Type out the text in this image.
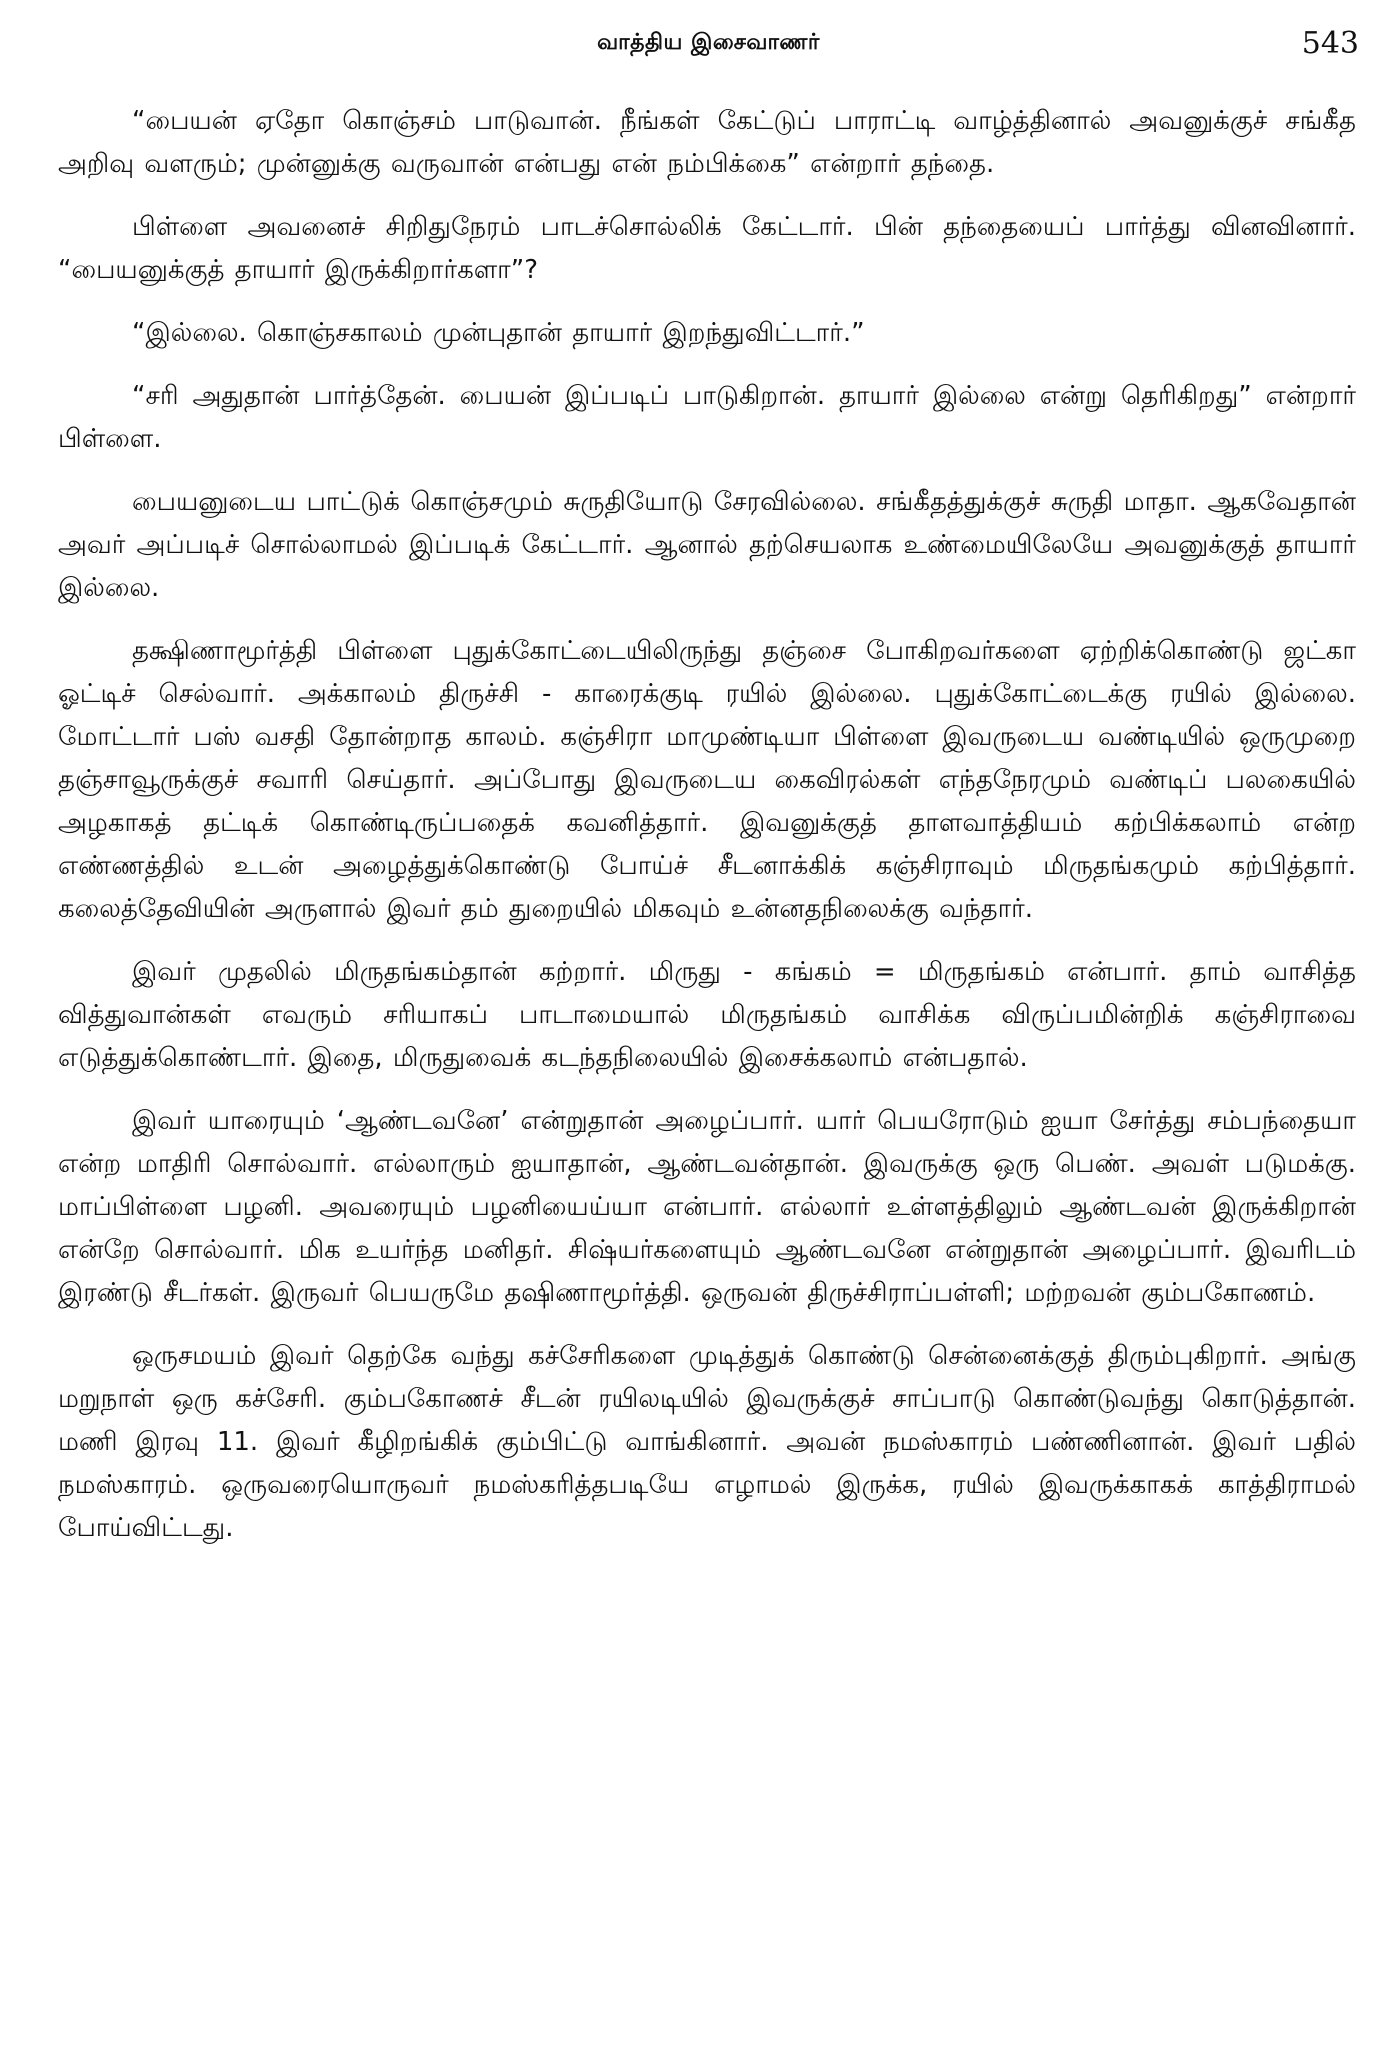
வாத்திய இசைவாணர்	543

“பையன் ஏதோ கொஞ்சம் பாடுவான். நீங்கள் கேட்டுப் பாராட்டி வாழ்த்தினால் அவனுக்குச் சங்கீத அறிவு வளரும்; முன்னுக்கு வருவான் என்பது என் நம்பிக்கை” என்றார் தந்தை.

பிள்ளை அவனைச் சிறிதுநேரம் பாடச்சொல்லிக் கேட்டார். பின் தந்தையைப் பார்த்து வினவினார். “பையனுக்குத் தாயார் இருக்கிறார்களா”?

“இல்லை. கொஞ்சகாலம் முன்புதான் தாயார் இறந்துவிட்டார்.”

“சரி அதுதான் பார்த்தேன். பையன் இப்படிப் பாடுகிறான். தாயார் இல்லை என்று தெரிகிறது” என்றார் பிள்ளை.

பையனுடைய பாட்டுக் கொஞ்சமும் சுருதியோடு சேரவில்லை. சங்கீதத்துக்குச் சுருதி மாதா. ஆகவேதான் அவர் அப்படிச் சொல்லாமல் இப்படிக் கேட்டார். ஆனால் தற்செயலாக உண்மையிலேயே அவனுக்குத் தாயார் இல்லை.

தக்ஷிணாமூர்த்தி பிள்ளை புதுக்கோட்டையிலிருந்து தஞ்சை போகிறவர்களை ஏற்றிக்கொண்டு ஜட்கா ஓட்டிச் செல்வார். அக்காலம் திருச்சி - காரைக்குடி ரயில் இல்லை. புதுக்கோட்டைக்கு ரயில் இல்லை. மோட்டார் பஸ் வசதி தோன்றாத காலம். கஞ்சிரா மாமுண்டியா பிள்ளை இவருடைய வண்டியில் ஒருமுறை தஞ்சாவூருக்குச் சவாரி செய்தார். அப்போது இவருடைய கைவிரல்கள் எந்தநேரமும் வண்டிப் பலகையில் அழகாகத் தட்டிக் கொண்டிருப்பதைக் கவனித்தார். இவனுக்குத் தாளவாத்தியம் கற்பிக்கலாம் என்ற எண்ணத்தில் உடன் அழைத்துக்கொண்டு போய்ச் சீடனாக்கிக் கஞ்சிராவும் மிருதங்கமும் கற்பித்தார். கலைத்தேவியின் அருளால் இவர் தம் துறையில் மிகவும் உன்னதநிலைக்கு வந்தார்.

இவர் முதலில் மிருதங்கம்தான் கற்றார். மிருது - கங்கம் = மிருதங்கம் என்பார். தாம் வாசித்த வித்துவான்கள் எவரும் சரியாகப் பாடாமையால் மிருதங்கம் வாசிக்க விருப்பமின்றிக் கஞ்சிராவை எடுத்துக்கொண்டார். இதை, மிருதுவைக் கடந்தநிலையில் இசைக்கலாம் என்பதால்.

இவர் யாரையும் ‘ஆண்டவனே’ என்றுதான் அழைப்பார். யார் பெயரோடும் ஐயா சேர்த்து சம்பந்தையா என்ற மாதிரி சொல்வார். எல்லாரும் ஐயாதான், ஆண்டவன்தான். இவருக்கு ஒரு பெண். அவள் படுமக்கு. மாப்பிள்ளை பழனி. அவரையும் பழனியைய்யா என்பார். எல்லார் உள்ளத்திலும் ஆண்டவன் இருக்கிறான் என்றே சொல்வார். மிக உயர்ந்த மனிதர். சிஷ்யர்களையும் ஆண்டவனே என்றுதான் அழைப்பார். இவரிடம் இரண்டு சீடர்கள். இருவர் பெயருமே தஷிணாமூர்த்தி. ஒருவன் திருச்சிராப்பள்ளி; மற்றவன் கும்பகோணம்.

ஒருசமயம் இவர் தெற்கே வந்து கச்சேரிகளை முடித்துக் கொண்டு சென்னைக்குத் திரும்புகிறார். அங்கு மறுநாள் ஒரு கச்சேரி. கும்பகோணச் சீடன் ரயிலடியில் இவருக்குச் சாப்பாடு கொண்டுவந்து கொடுத்தான். மணி இரவு 11. இவர் கீழிறங்கிக் கும்பிட்டு வாங்கினார். அவன் நமஸ்காரம் பண்ணினான். இவர் பதில் நமஸ்காரம். ஒருவரையொருவர் நமஸ்கரித்தபடியே எழாமல் இருக்க, ரயில் இவருக்காகக் காத்திராமல் போய்விட்டது.
